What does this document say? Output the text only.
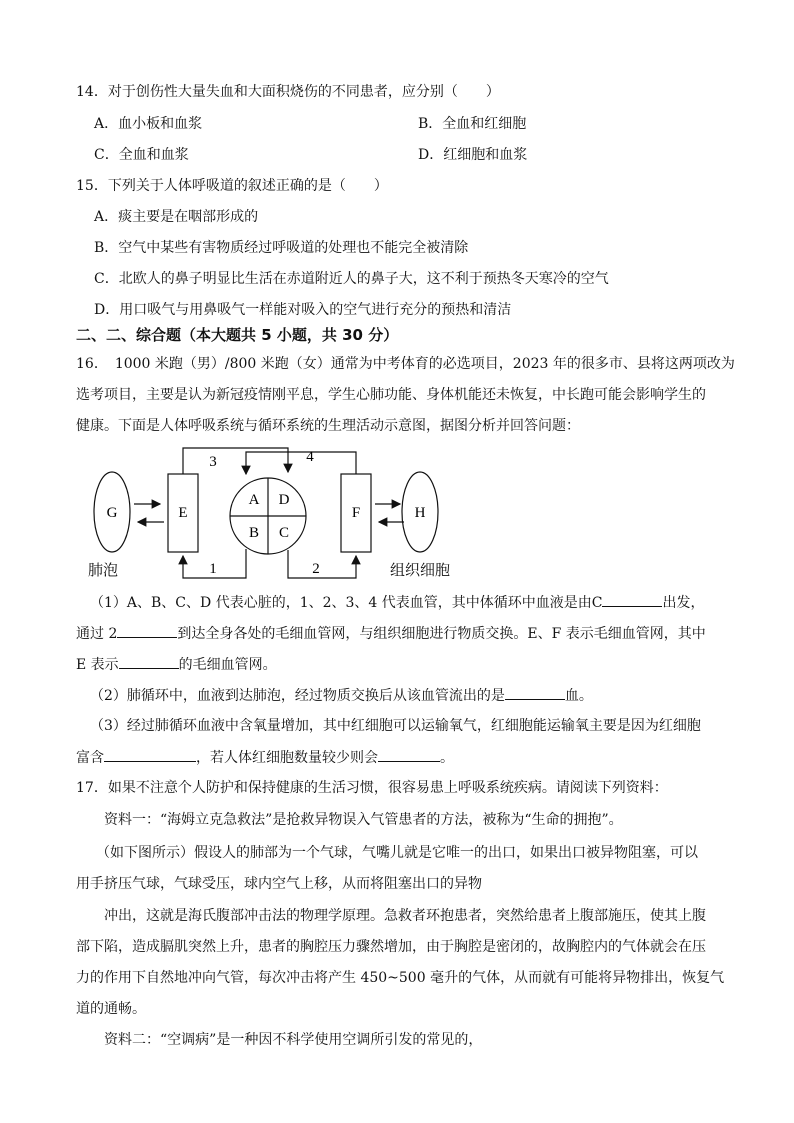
14．对于创伤性大量失血和大面积烧伤的不同患者，应分别（　　）
A．血小板和血浆	B．全血和红细胞
C．全血和血浆	D．红细胞和血浆
15．下列关于人体呼吸道的叙述正确的是（　　）
A．痰主要是在咽部形成的
B．空气中某些有害物质经过呼吸道的处理也不能完全被清除
C．北欧人的鼻子明显比生活在赤道附近人的鼻子大，这不利于预热冬天寒冷的空气
D．用口吸气与用鼻吸气一样能对吸入的空气进行充分的预热和清洁
二、二、综合题（本大题共 5 小题，共 30 分）
16．　1000 米跑（男）/800 米跑（女）通常为中考体育的必选项目，2023 年的很多市、县将这两项改为
选考项目，主要是认为新冠疫情刚平息，学生心肺功能、身体机能还未恢复，中长跑可能会影响学生的
健康。下面是人体呼吸系统与循环系统的生理活动示意图，据图分析并回答问题：
G	E
3	4
A D
B C
1	2
F	H
肺泡	组织细胞
（1）A、B、C、D 代表心脏的，1、2、3、4 代表血管，其中体循环中血液是由C	出发，
通过 2	到达全身各处的毛细血管网，与组织细胞进行物质交换。E、F 表示毛细血管网，其中
E 表示	的毛细血管网。
（2）肺循环中，血液到达肺泡，经过物质交换后从该血管流出的是	血。
（3）经过肺循环血液中含氧量增加，其中红细胞可以运输氧气，红细胞能运输氧主要是因为红细胞
富含	，若人体红细胞数量较少则会	。
17．如果不注意个人防护和保持健康的生活习惯，很容易患上呼吸系统疾病。请阅读下列资料：
资料一：“海姆立克急救法”是抢救异物误入气管患者的方法，被称为“生命的拥抱”。
（如下图所示）假设人的肺部为一个气球，气嘴儿就是它唯一的出口，如果出口被异物阻塞，可以
用手挤压气球，气球受压，球内空气上移，从而将阻塞出口的异物
冲出，这就是海氏腹部冲击法的物理学原理。急救者环抱患者，突然给患者上腹部施压，使其上腹
部下陷，造成膈肌突然上升，患者的胸腔压力骤然增加，由于胸腔是密闭的，故胸腔内的气体就会在压
力的作用下自然地冲向气管，每次冲击将产生 450~500 毫升的气体，从而就有可能将异物排出，恢复气
道的通畅。
资料二：“空调病”是一种因不科学使用空调所引发的常见的，
